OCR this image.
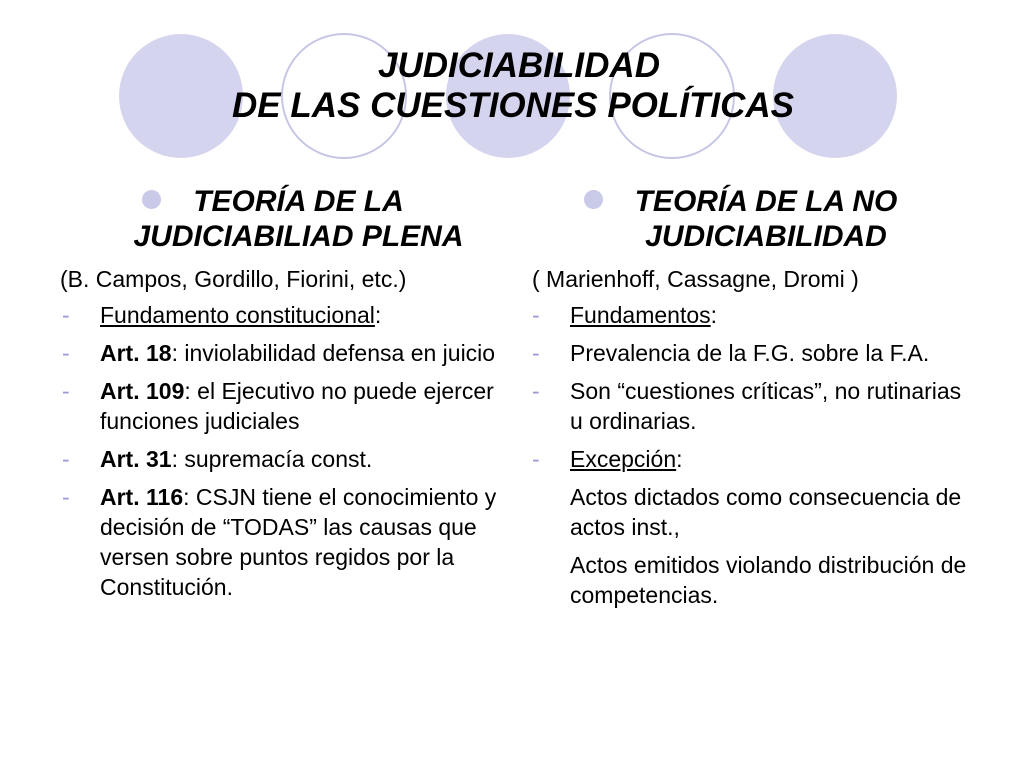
JUDICIABILIDAD
DE LAS CUESTIONES POLÍTICAS
TEORÍA DE LA
JUDICIABILIAD PLENA

(B. Campos, Gordillo, Fiorini, etc.)

- Fundamento constitucional:
- Art. 18: inviolabilidad defensa en juicio
- Art. 109: el Ejecutivo no puede ejercer funciones judiciales
- Art. 31: supremacía const.
- Art. 116: CSJN tiene el conocimiento y decisión de “TODAS” las causas que versen sobre puntos regidos por la Constitución.
TEORÍA DE LA NO
JUDICIABILIDAD

( Marienhoff, Cassagne, Dromi )

- Fundamentos:
- Prevalencia de la F.G. sobre la F.A.
- Son “cuestiones críticas”, no rutinarias u ordinarias.
- Excepción:
Actos dictados como consecuencia de actos inst.,
Actos emitidos violando distribución de competencias.
